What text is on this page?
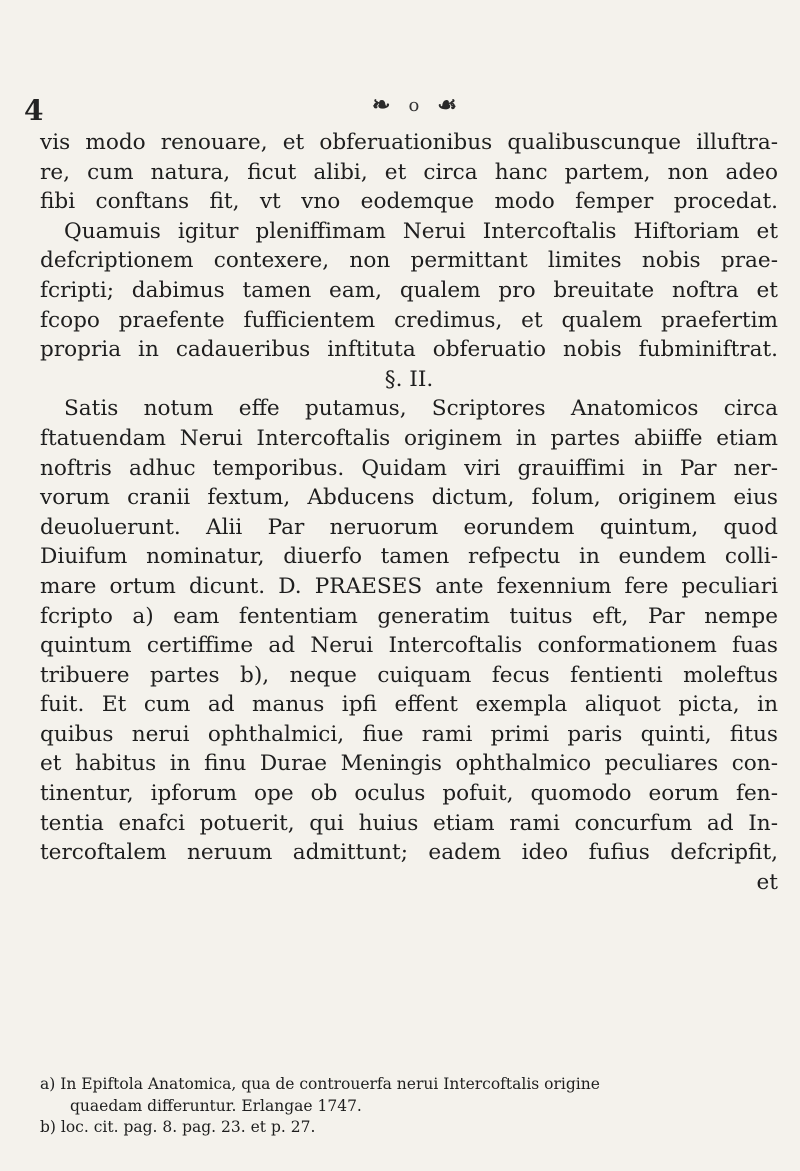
4	❧ o ☙
vis modo renouare, et obferuationibus qualibuscunque illuftra-
re, cum natura, ficut alibi, et circa hanc partem, non adeo
fibi conftans fit, vt vno eodemque modo femper procedat.
Quamuis igitur pleniffimam Nerui Intercoftalis Hiftoriam et
defcriptionem contexere, non permittant limites nobis prae-
fcripti; dabimus tamen eam, qualem pro breuitate noftra et
fcopo praefente fufficientem credimus, et qualem praefertim
propria in cadaueribus inftituta obferuatio nobis fubminiftrat.
§. II.
Satis notum effe putamus, Scriptores Anatomicos circa
ftatuendam Nerui Intercoftalis originem in partes abiiffe etiam
noftris adhuc temporibus. Quidam viri grauiffimi in Par ner-
vorum cranii fextum, Abducens dictum, folum, originem eius
deuoluerunt. Alii Par neruorum eorundem quintum, quod
Diuifum nominatur, diuerfo tamen refpectu in eundem colli-
mare ortum dicunt. D. PRAESES ante fexennium fere peculiari
fcripto a) eam fententiam generatim tuitus eft, Par nempe
quintum certiffime ad Nerui Intercoftalis conformationem fuas
tribuere partes b), neque cuiquam fecus fentienti moleftus
fuit. Et cum ad manus ipfi effent exempla aliquot picta, in
quibus nerui ophthalmici, fiue rami primi paris quinti, fitus
et habitus in finu Durae Meningis ophthalmico peculiares con-
tinentur, ipforum ope ob oculus pofuit, quomodo eorum fen-
tentia enafci potuerit, qui huius etiam rami concurfum ad In-
tercoftalem neruum admittunt; eadem ideo fufius defcripfit,
et
a) In Epiftola Anatomica, qua de controuerfa nerui Intercoftalis origine
quaedam differuntur. Erlangae 1747.
b) loc. cit. pag. 8. pag. 23. et p. 27.
